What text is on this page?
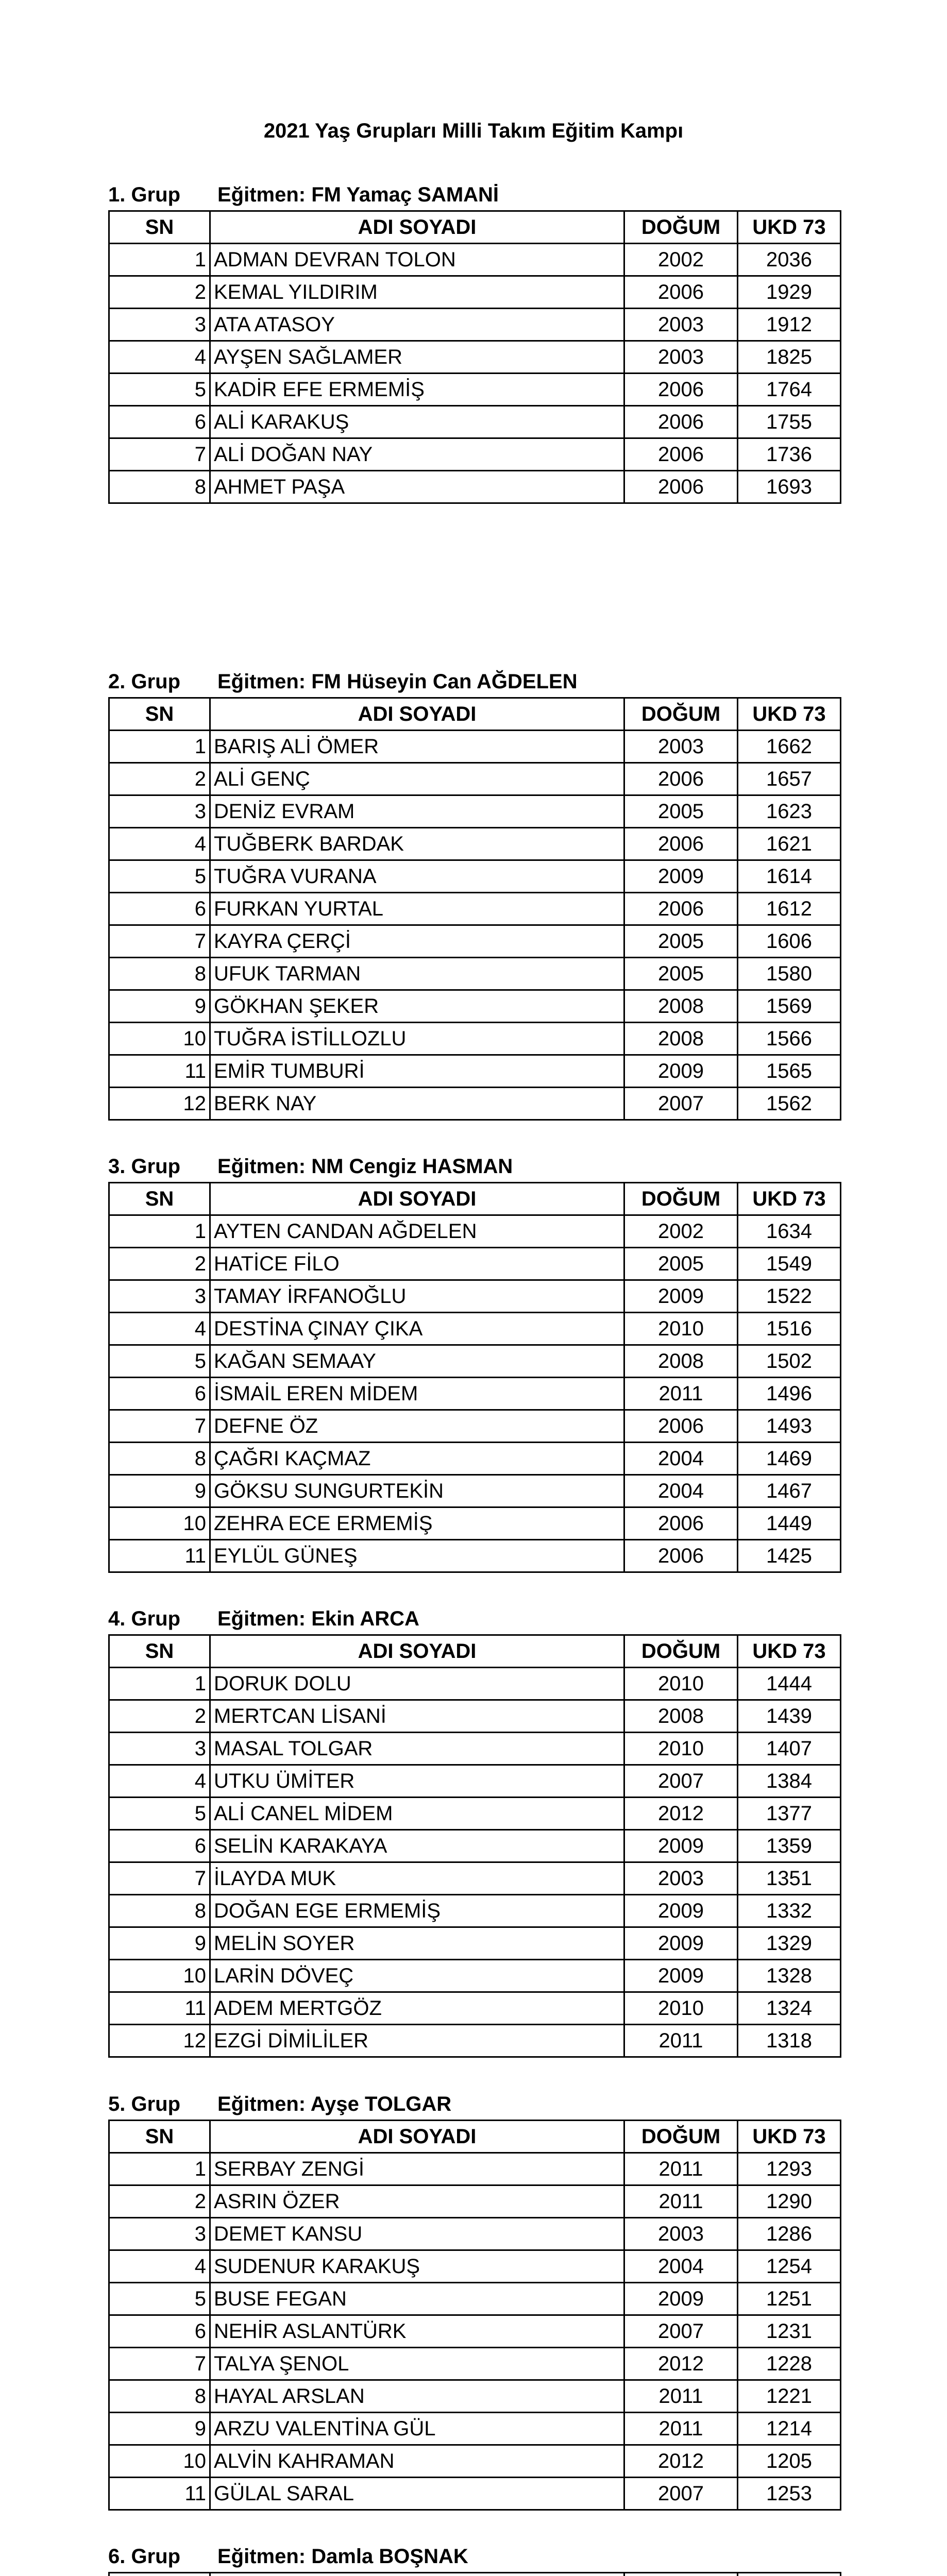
2021 Yaş Grupları Milli Takım Eğitim Kampı
1. Grup Eğitmen: FM Yamaç SAMANİ
SN	ADI SOYADI	DOĞUM	UKD 73
1	ADMAN DEVRAN TOLON	2002	2036
2	KEMAL YILDIRIM	2006	1929
3	ATA ATASOY	2003	1912
4	AYŞEN SAĞLAMER	2003	1825
5	KADİR EFE ERMEMİŞ	2006	1764
6	ALİ KARAKUŞ	2006	1755
7	ALİ DOĞAN NAY	2006	1736
8	AHMET PAŞA	2006	1693
2. Grup Eğitmen: FM Hüseyin Can AĞDELEN
SN	ADI SOYADI	DOĞUM	UKD 73
1	BARIŞ ALİ ÖMER	2003	1662
2	ALİ GENÇ	2006	1657
3	DENİZ EVRAM	2005	1623
4	TUĞBERK BARDAK	2006	1621
5	TUĞRA VURANA	2009	1614
6	FURKAN YURTAL	2006	1612
7	KAYRA ÇERÇİ	2005	1606
8	UFUK TARMAN	2005	1580
9	GÖKHAN ŞEKER	2008	1569
10	TUĞRA İSTİLLOZLU	2008	1566
11	EMİR TUMBURİ	2009	1565
12	BERK NAY	2007	1562
3. Grup Eğitmen: NM Cengiz HASMAN
SN	ADI SOYADI	DOĞUM	UKD 73
1	AYTEN CANDAN AĞDELEN	2002	1634
2	HATİCE FİLO	2005	1549
3	TAMAY İRFANOĞLU	2009	1522
4	DESTİNA ÇINAY ÇIKA	2010	1516
5	KAĞAN SEMAAY	2008	1502
6	İSMAİL EREN MİDEM	2011	1496
7	DEFNE ÖZ	2006	1493
8	ÇAĞRI KAÇMAZ	2004	1469
9	GÖKSU SUNGURTEKİN	2004	1467
10	ZEHRA ECE ERMEMİŞ	2006	1449
11	EYLÜL GÜNEŞ	2006	1425
4. Grup Eğitmen: Ekin ARCA
SN	ADI SOYADI	DOĞUM	UKD 73
1	DORUK DOLU	2010	1444
2	MERTCAN LİSANİ	2008	1439
3	MASAL TOLGAR	2010	1407
4	UTKU ÜMİTER	2007	1384
5	ALİ CANEL MİDEM	2012	1377
6	SELİN KARAKAYA	2009	1359
7	İLAYDA MUK	2003	1351
8	DOĞAN EGE ERMEMİŞ	2009	1332
9	MELİN SOYER	2009	1329
10	LARİN DÖVEÇ	2009	1328
11	ADEM MERTGÖZ	2010	1324
12	EZGİ DİMİLİLER	2011	1318
5. Grup Eğitmen: Ayşe TOLGAR
SN	ADI SOYADI	DOĞUM	UKD 73
1	SERBAY ZENGİ	2011	1293
2	ASRIN ÖZER	2011	1290
3	DEMET KANSU	2003	1286
4	SUDENUR KARAKUŞ	2004	1254
5	BUSE FEGAN	2009	1251
6	NEHİR ASLANTÜRK	2007	1231
7	TALYA ŞENOL	2012	1228
8	HAYAL ARSLAN	2011	1221
9	ARZU VALENTİNA GÜL	2011	1214
10	ALVİN KAHRAMAN	2012	1205
11	GÜLAL SARAL	2007	1253
6. Grup Eğitmen: Damla BOŞNAK
